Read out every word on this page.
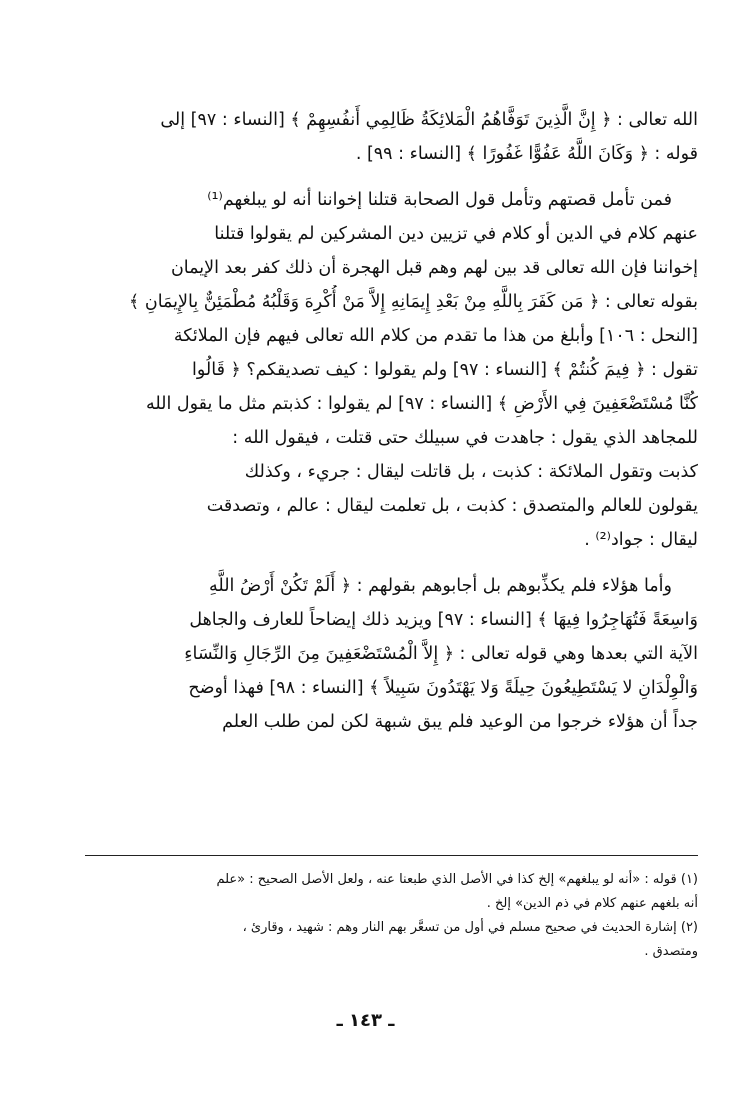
الله تعالى : ﴿ إِنَّ الَّذِينَ تَوَفَّاهُمُ الْمَلائِكَةُ ظَالِمِي أَنفُسِهِمْ ﴾ [النساء : ٩٧] إلى
قوله : ﴿ وَكَانَ اللَّهُ عَفُوًّا غَفُورًا ﴾ [النساء : ٩٩] .
فمن تأمل قصتهم وتأمل قول الصحابة قتلنا إخواننا أنه لو يبلغهم⁽¹⁾
عنهم كلام في الدين أو كلام في تزيين دين المشركين لم يقولوا قتلنا
إخواننا فإن الله تعالى قد بين لهم وهم قبل الهجرة أن ذلك كفر بعد الإيمان
بقوله تعالى : ﴿ مَن كَفَرَ بِاللَّهِ مِنْ بَعْدِ إِيمَانِهِ إِلاَّ مَنْ أُكْرِهَ وَقَلْبُهُ مُطْمَئِنٌّ بِالإِيمَانِ ﴾
[النحل : ١٠٦] وأبلغ من هذا ما تقدم من كلام الله تعالى فيهم فإن الملائكة
تقول : ﴿ فِيمَ كُنتُمْ ﴾ [النساء : ٩٧] ولم يقولوا : كيف تصديقكم؟ ﴿ قَالُوا
كُنَّا مُسْتَضْعَفِينَ فِي الأَرْضِ ﴾ [النساء : ٩٧] لم يقولوا : كذبتم مثل ما يقول الله
للمجاهد الذي يقول : جاهدت في سبيلك حتى قتلت ، فيقول الله :
كذبت وتقول الملائكة : كذبت ، بل قاتلت ليقال : جريء ، وكذلك
يقولون للعالم والمتصدق : كذبت ، بل تعلمت ليقال : عالم ، وتصدقت
ليقال : جواد⁽²⁾ .
وأما هؤلاء فلم يكذِّبوهم بل أجابوهم بقولهم : ﴿ أَلَمْ تَكُنْ أَرْضُ اللَّهِ
وَاسِعَةً فَتُهَاجِرُوا فِيهَا ﴾ [النساء : ٩٧] ويزيد ذلك إيضاحاً للعارف والجاهل
الآية التي بعدها وهي قوله تعالى : ﴿ إِلاَّ الْمُسْتَضْعَفِينَ مِنَ الرِّجَالِ وَالنِّسَاءِ
وَالْوِلْدَانِ لا يَسْتَطِيعُونَ حِيلَةً وَلا يَهْتَدُونَ سَبِيلاً ﴾ [النساء : ٩٨] فهذا أوضح
جداً أن هؤلاء خرجوا من الوعيد فلم يبق شبهة لكن لمن طلب العلم
(١) قوله : «أنه لو يبلغهم» إلخ كذا في الأصل الذي طبعنا عنه ، ولعل الأصل الصحيح : «علم
أنه بلغهم عنهم كلام في ذم الدين» إلخ .
(٢) إشارة الحديث في صحيح مسلم في أول من تسعَّر بهم النار وهم : شهيد ، وقارئ ،
ومتصدق .
ـ ١٤٣ ـ
